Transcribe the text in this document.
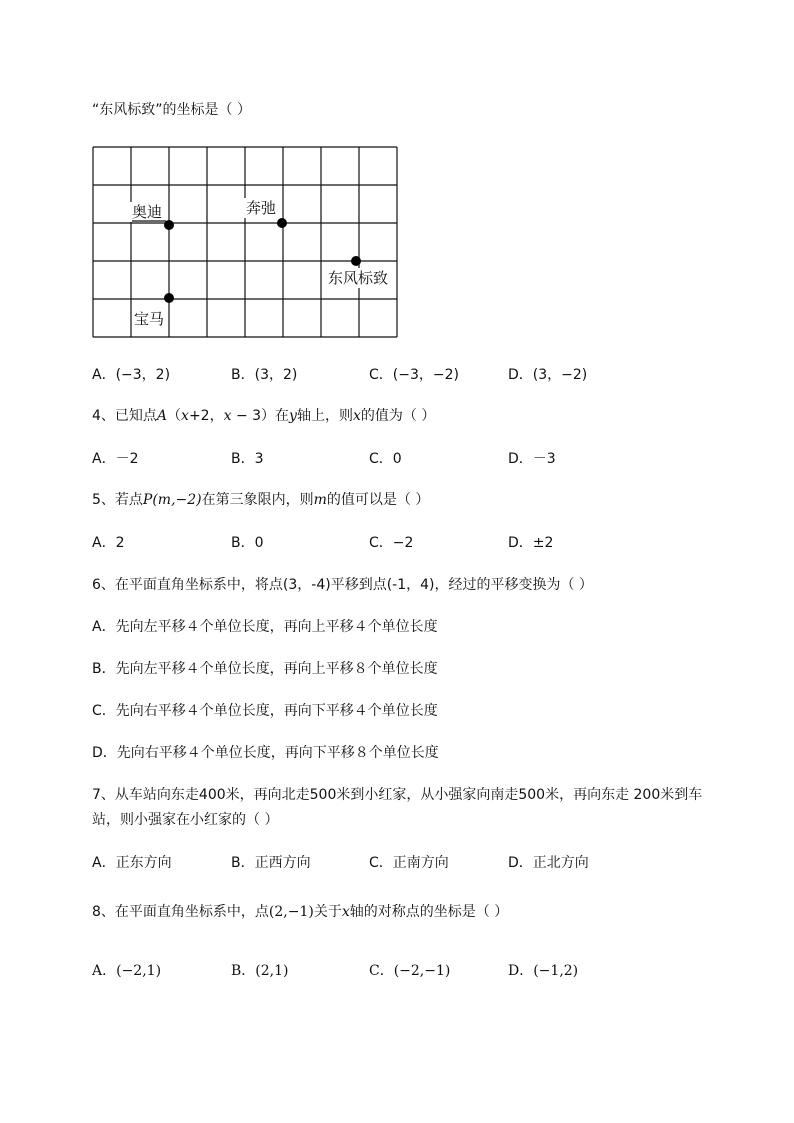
“东风标致”的坐标是（ ）
奥迪	奔弛
东风标致
宝马
A．(−3，2)	B．(3，2)	C．(−3，−2)	D．(3，−2)
4、已知点A（x+2，x − 3）在y轴上，则x的值为（ ）
A．－2	B．3	C．0	D．－3
5、若点P(m,−2)在第三象限内，则m的值可以是（ ）
A．2	B．0	C．−2	D．±2
6、在平面直角坐标系中，将点(3，-4)平移到点(-1，4)，经过的平移变换为（ ）
A．先向左平移４个单位长度，再向上平移４个单位长度
B．先向左平移４个单位长度，再向上平移８个单位长度
C．先向右平移４个单位长度，再向下平移４个单位长度
D．先向右平移４个单位长度，再向下平移８个单位长度
7、从车站向东走400米，再向北走500米到小红家，从小强家向南走500米，再向东走 200米到车
站，则小强家在小红家的（ ）
A．正东方向	B．正西方向	C．正南方向	D．正北方向
8、在平面直角坐标系中，点(2,−1)关于x轴的对称点的坐标是（ ）
A．(−2,1)	B．(2,1)	C．(−2,−1)	D．(−1,2)
